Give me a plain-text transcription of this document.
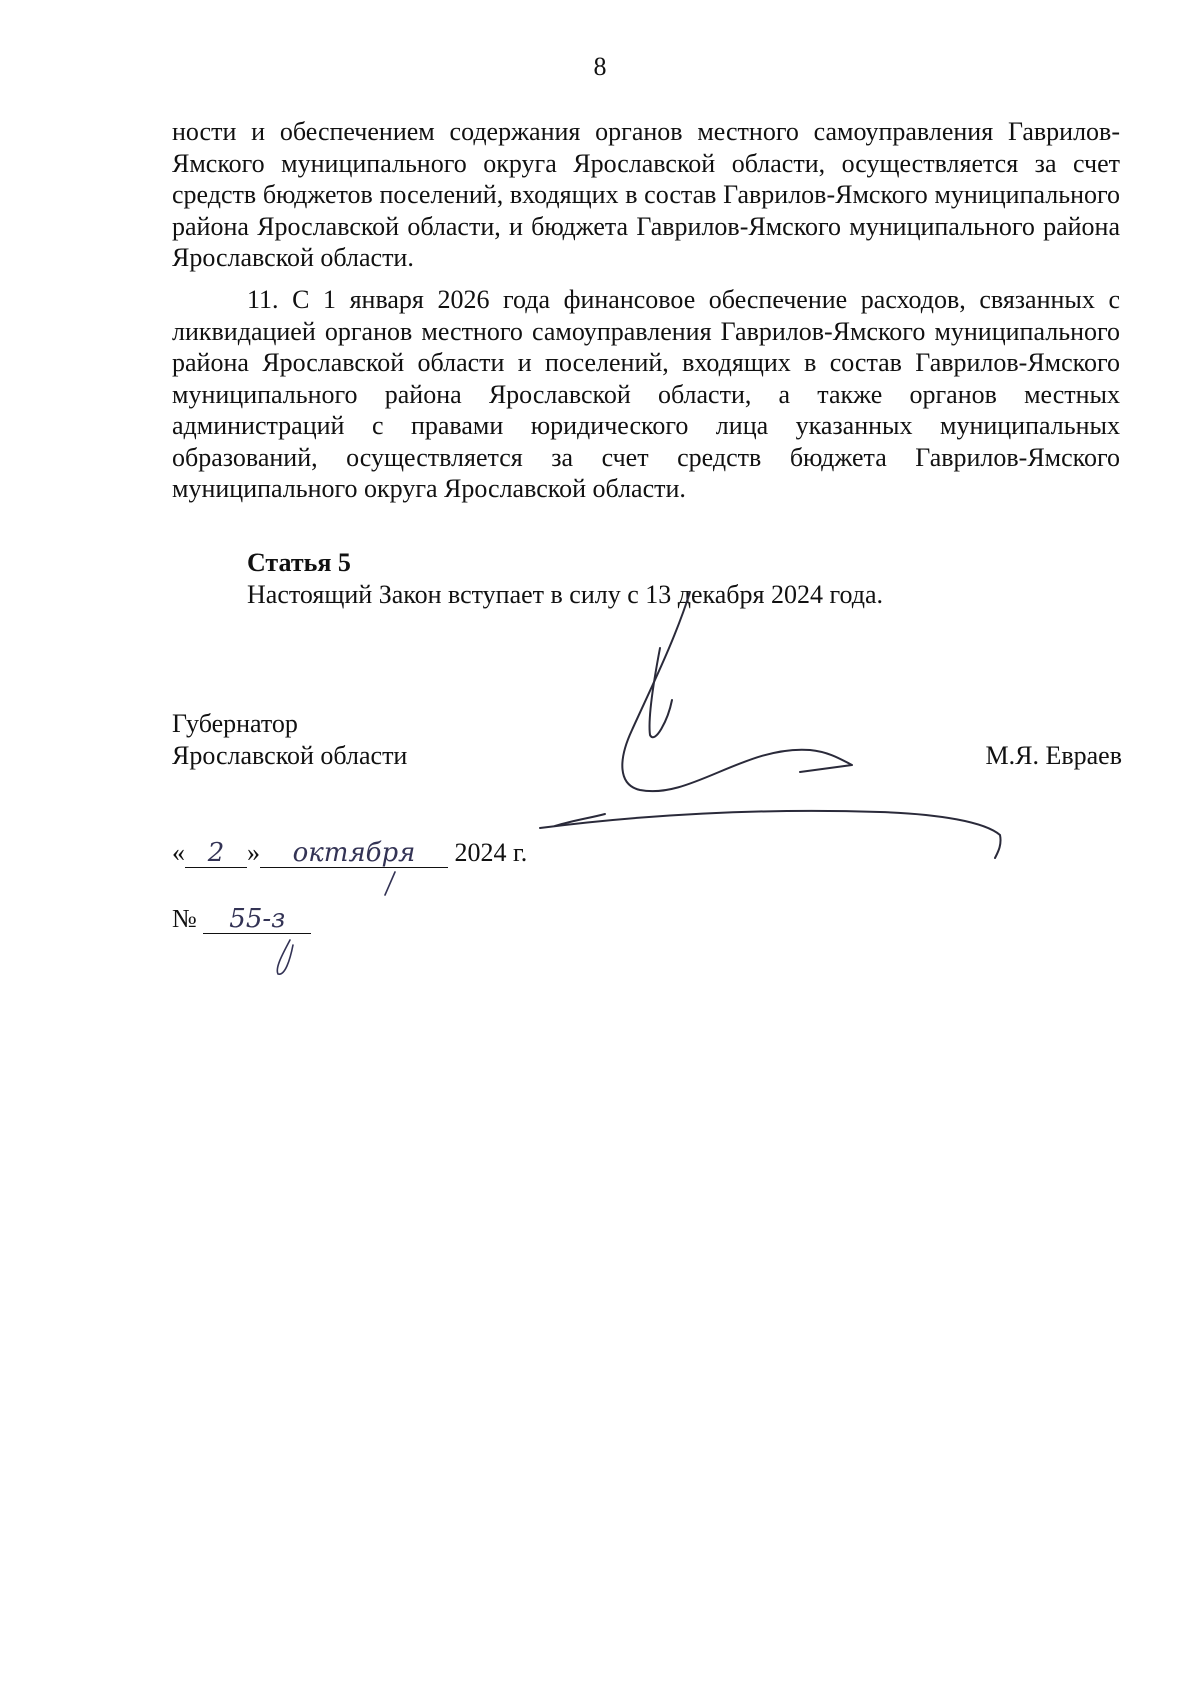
8

ности и обеспечением содержания органов местного самоуправления Гаврилов-Ямского муниципального округа Ярославской области, осуществляется за счет средств бюджетов поселений, входящих в состав Гаврилов-Ямского муниципального района Ярославской области, и бюджета Гаврилов-Ямского муниципального района Ярославской области.

11. С 1 января 2026 года финансовое обеспечение расходов, связанных с ликвидацией органов местного самоуправления Гаврилов-Ямского муниципального района Ярославской области и поселений, входящих в состав Гаврилов-Ямского муниципального района Ярославской области, а также органов местных администраций с правами юридического лица указанных муниципальных образований, осуществляется за счет средств бюджета Гаврилов-Ямского муниципального округа Ярославской области.

Статья 5
Настоящий Закон вступает в силу с 13 декабря 2024 года.
Губернатор
Ярославской области	М.Я. Евраев
« 2 » октября 2024 г.
№ 55-з
